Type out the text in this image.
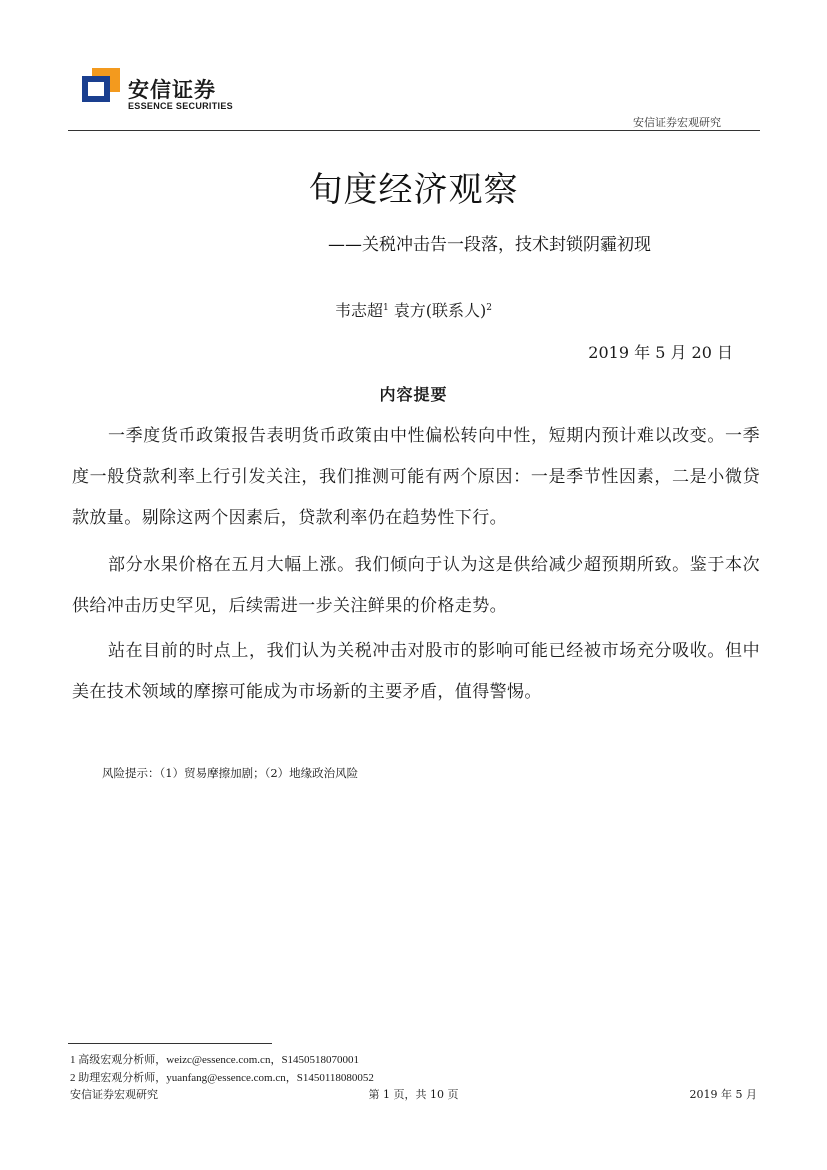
安信证券
ESSENCE SECURITIES
安信证券宏观研究
旬度经济观察
——关税冲击告一段落，技术封锁阴霾初现
韦志超$^1$ 袁方(联系人)$^2$
2019 年 5 月 20 日
内容提要
一季度货币政策报告表明货币政策由中性偏松转向中性，短期内预计难以改变。一季度一般贷款利率上行引发关注，我们推测可能有两个原因：一是季节性因素，二是小微贷款放量。剔除这两个因素后，贷款利率仍在趋势性下行。
部分水果价格在五月大幅上涨。我们倾向于认为这是供给减少超预期所致。鉴于本次供给冲击历史罕见，后续需进一步关注鲜果的价格走势。
站在目前的时点上，我们认为关税冲击对股市的影响可能已经被市场充分吸收。但中美在技术领域的摩擦可能成为市场新的主要矛盾，值得警惕。
风险提示：（1）贸易摩擦加剧；（2）地缘政治风险
1 高级宏观分析师，weizc@essence.com.cn，S1450518070001
2 助理宏观分析师，yuanfang@essence.com.cn，S1450118080052
安信证券宏观研究	第 1 页，共 10 页	2019 年 5 月
